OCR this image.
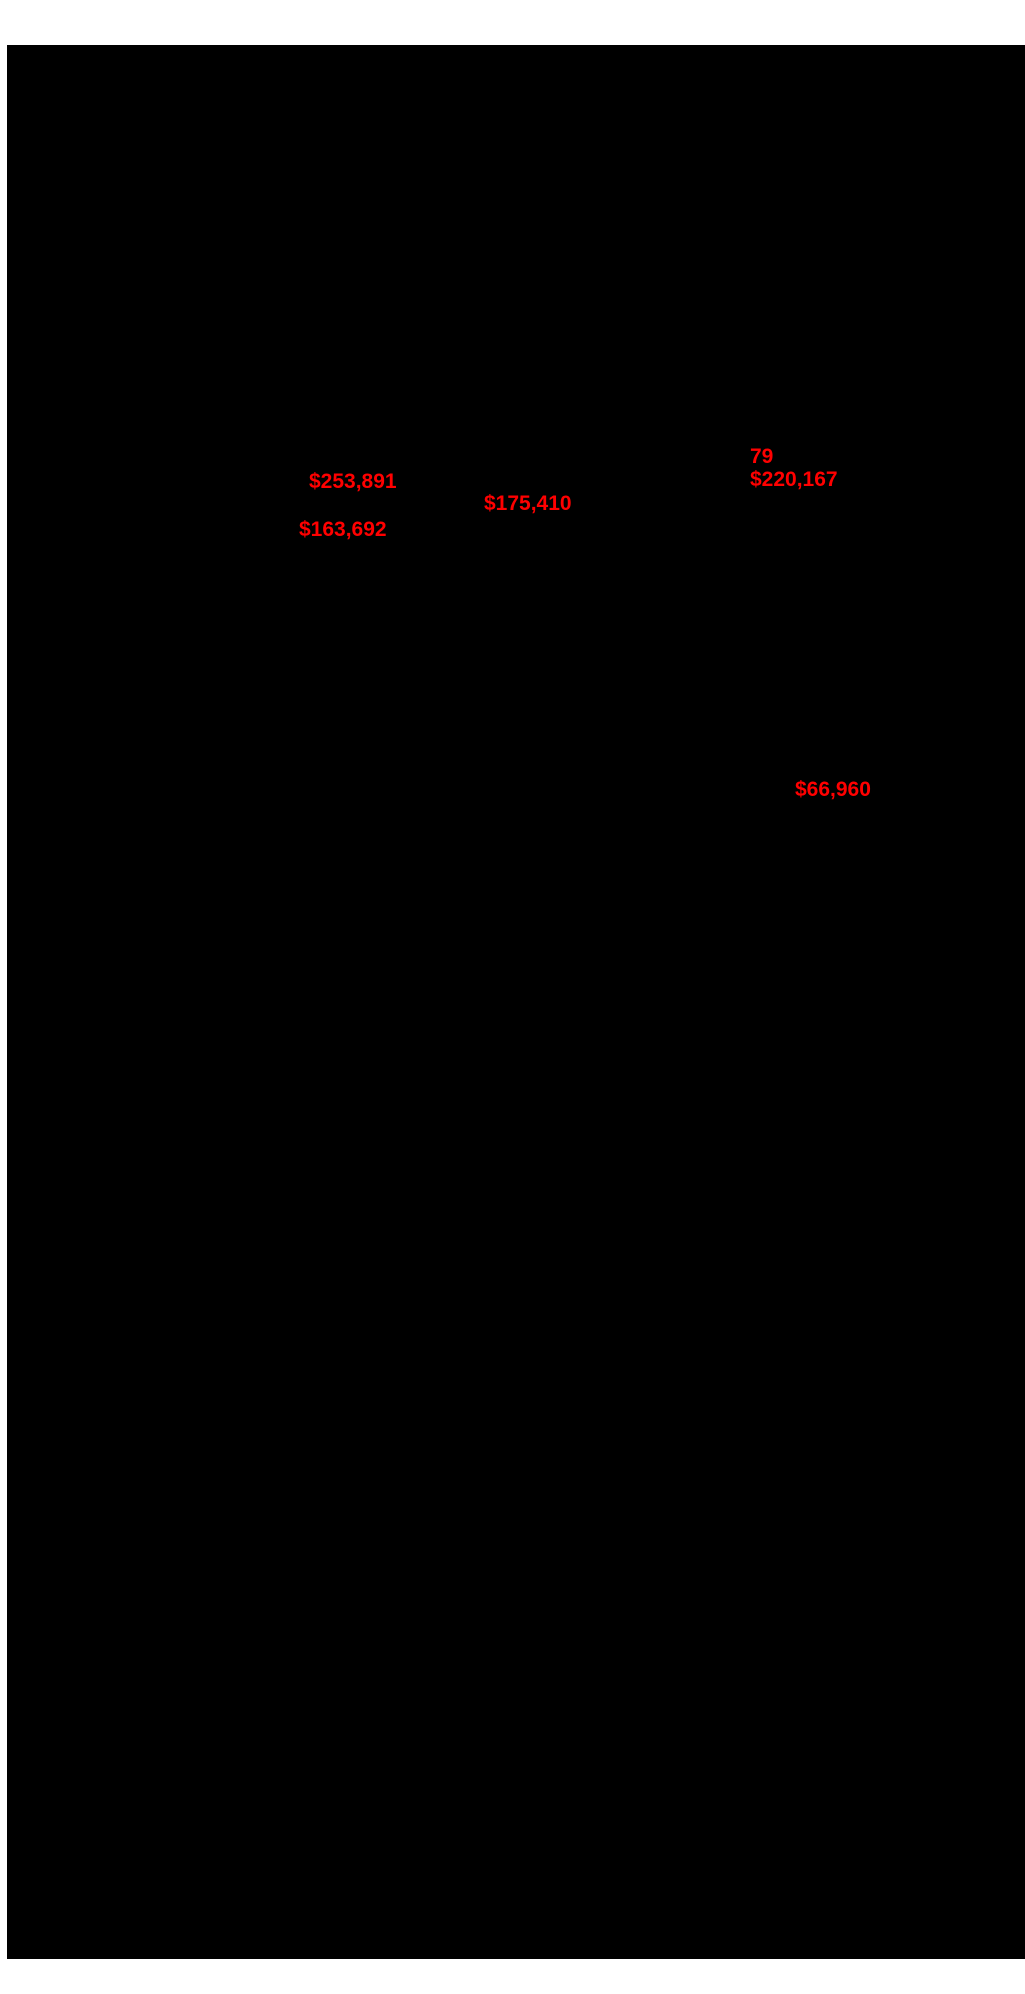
$253,891
$163,692
$175,410
79
$220,167
$66,960
